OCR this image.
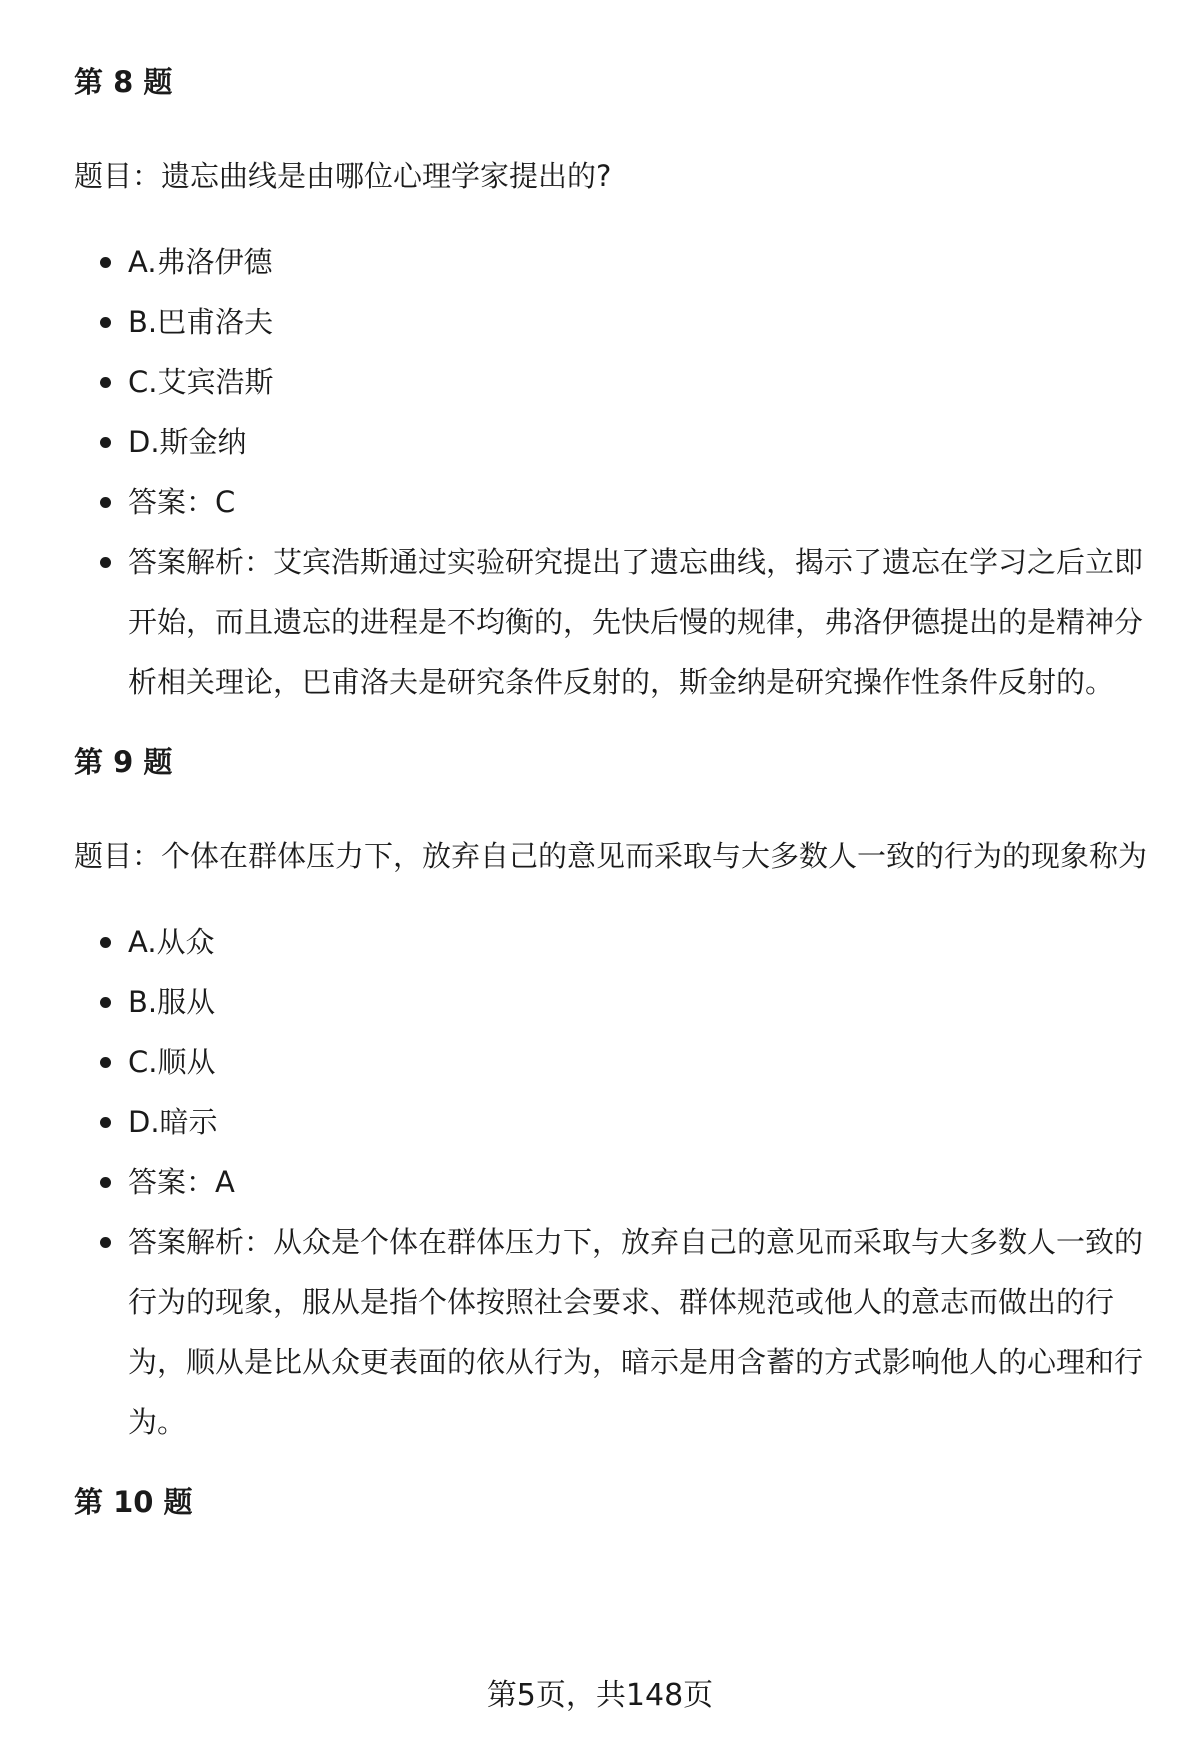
第 8 题
题目：遗忘曲线是由哪位心理学家提出的?
A.弗洛伊德
B.巴甫洛夫
C.艾宾浩斯
D.斯金纳
答案：C
答案解析：艾宾浩斯通过实验研究提出了遗忘曲线，揭示了遗忘在学习之后立即开始，而且遗忘的进程是不均衡的，先快后慢的规律，弗洛伊德提出的是精神分析相关理论，巴甫洛夫是研究条件反射的，斯金纳是研究操作性条件反射的。
第 9 题
题目：个体在群体压力下，放弃自己的意见而采取与大多数人一致的行为的现象称为
A.从众
B.服从
C.顺从
D.暗示
答案：A
答案解析：从众是个体在群体压力下，放弃自己的意见而采取与大多数人一致的行为的现象，服从是指个体按照社会要求、群体规范或他人的意志而做出的行为，顺从是比从众更表面的依从行为，暗示是用含蓄的方式影响他人的心理和行为。
第 10 题
第5页，共148页
